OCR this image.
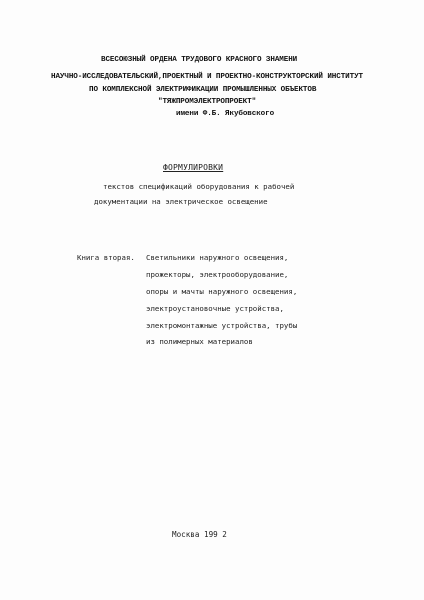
ВСЕСОЮЗНЫЙ ОРДЕНА ТРУДОВОГО КРАСНОГО ЗНАМЕНИ
НАУЧНО-ИССЛЕДОВАТЕЛЬСКИЙ,ПРОЕКТНЫЙ И ПРОЕКТНО-КОНСТРУКТОРСКИЙ ИНСТИТУТ
ПО КОМПЛЕКСНОЙ ЭЛЕКТРИФИКАЦИИ ПРОМЫШЛЕННЫХ ОБЪЕКТОВ
"ТЯЖПРОМЭЛЕКТРОПРОЕКТ"
имени Ф.Б. Якубовского
ФОРМУЛИРОВКИ
текстов спецификаций оборудования к рабочей
документации на электрическое освещение
Книга вторая. Светильники наружного освещения,
прожекторы, электрооборудование,
опоры и мачты наружного освещения,
электроустановочные устройства,
электромонтажные устройства, трубы
из полимерных материалов
Москва 199 2
